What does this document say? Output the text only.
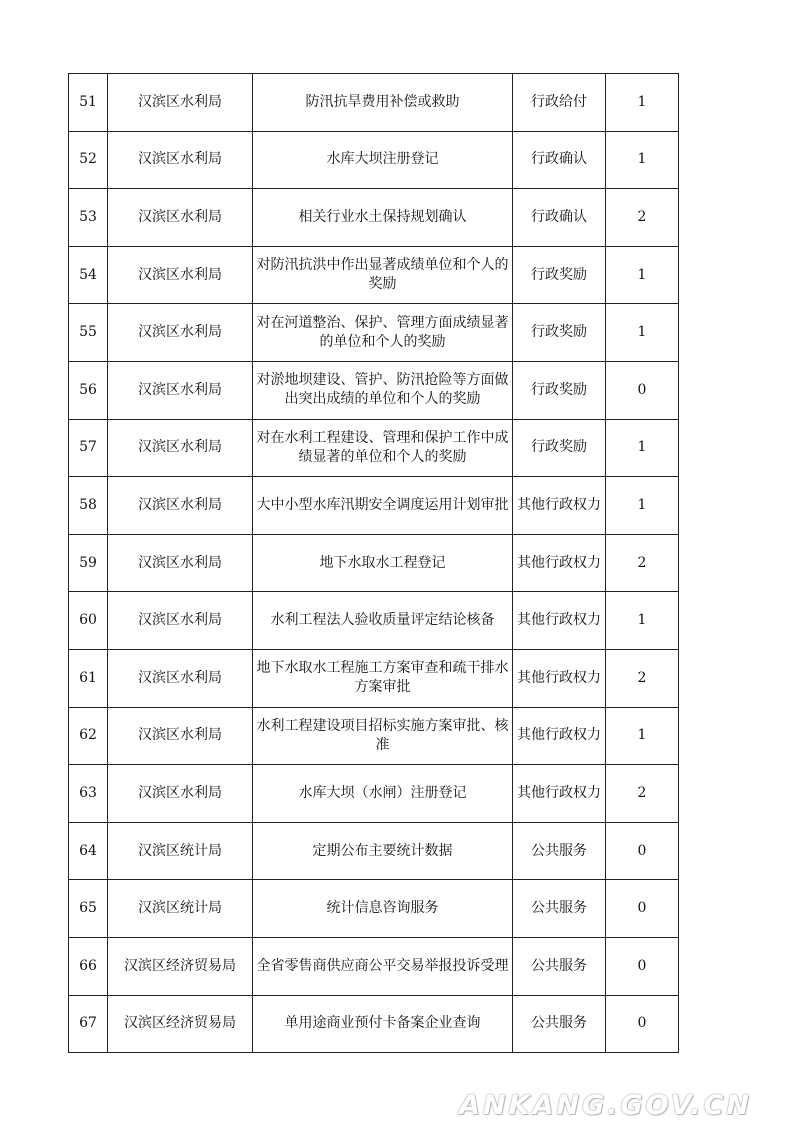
51	汉滨区水利局	防汛抗旱费用补偿或救助	行政给付	1
52	汉滨区水利局	水库大坝注册登记	行政确认	1
53	汉滨区水利局	相关行业水土保持规划确认	行政确认	2
54	汉滨区水利局	对防汛抗洪中作出显著成绩单位和个人的奖励	行政奖励	1
55	汉滨区水利局	对在河道整治、保护、管理方面成绩显著的单位和个人的奖励	行政奖励	1
56	汉滨区水利局	对淤地坝建设、管护、防汛抢险等方面做出突出成绩的单位和个人的奖励	行政奖励	0
57	汉滨区水利局	对在水利工程建设、管理和保护工作中成绩显著的单位和个人的奖励	行政奖励	1
58	汉滨区水利局	大中小型水库汛期安全调度运用计划审批	其他行政权力	1
59	汉滨区水利局	地下水取水工程登记	其他行政权力	2
60	汉滨区水利局	水利工程法人验收质量评定结论核备	其他行政权力	1
61	汉滨区水利局	地下水取水工程施工方案审查和疏干排水方案审批	其他行政权力	2
62	汉滨区水利局	水利工程建设项目招标实施方案审批、核准	其他行政权力	1
63	汉滨区水利局	水库大坝（水闸）注册登记	其他行政权力	2
64	汉滨区统计局	定期公布主要统计数据	公共服务	0
65	汉滨区统计局	统计信息咨询服务	公共服务	0
66	汉滨区经济贸易局	全省零售商供应商公平交易举报投诉受理	公共服务	0
67	汉滨区经济贸易局	单用途商业预付卡备案企业查询	公共服务	0
ANKANG.GOV.CN
